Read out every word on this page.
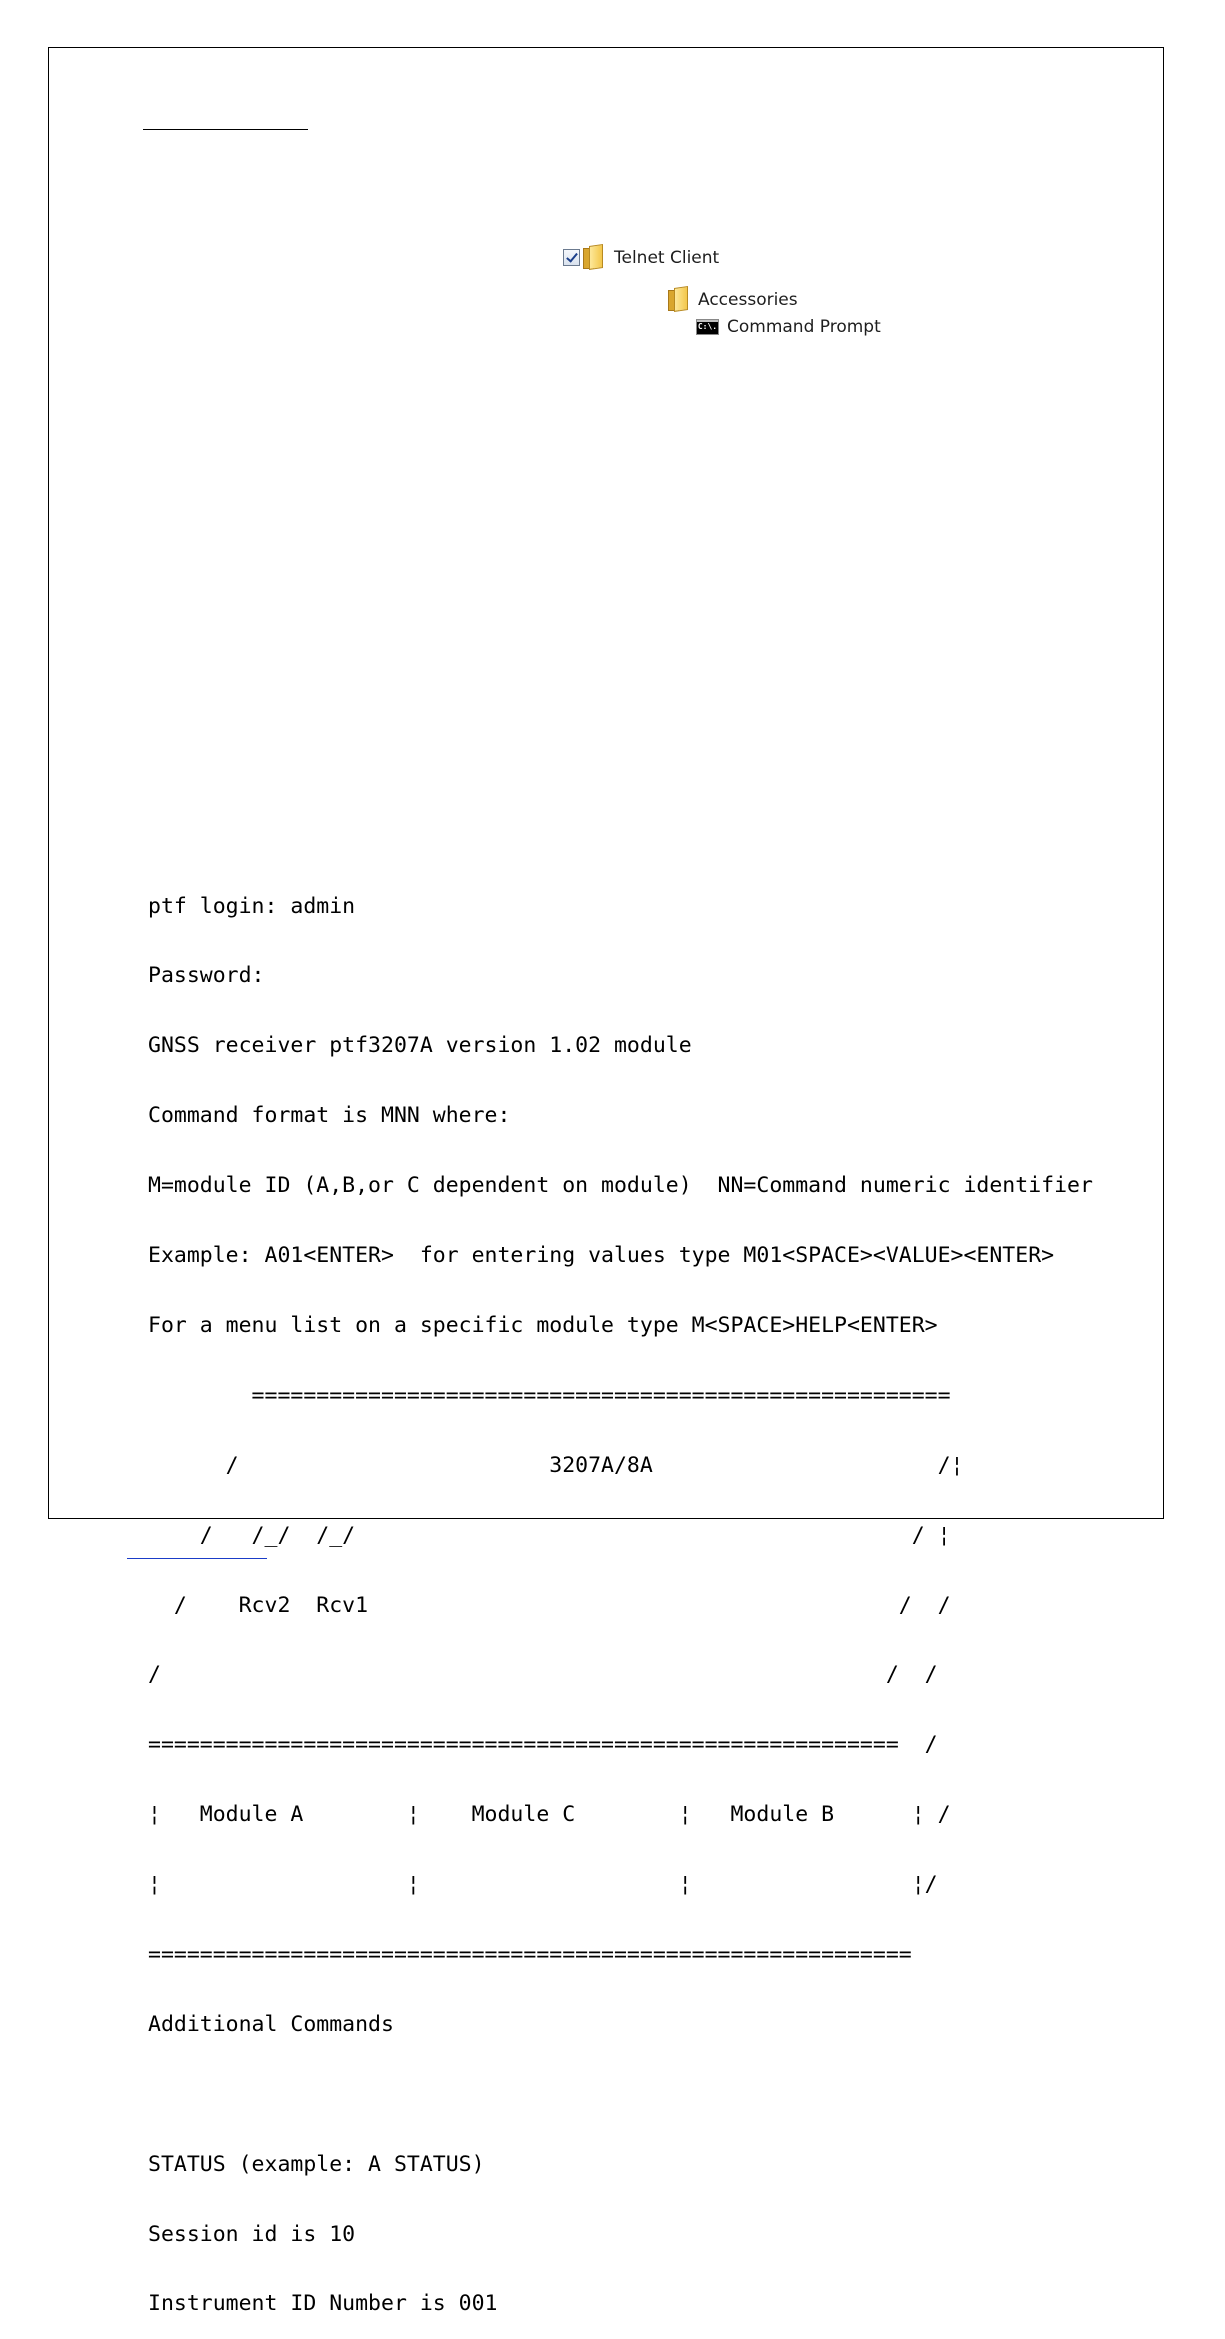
Telnet Client
Accessories
C:\. Command Prompt

ptf login: admin

Password:

GNSS receiver ptf3207A version 1.02 module

Command format is MNN where:

M=module ID (A,B,or C dependent on module)  NN=Command numeric identifier

Example: A01<ENTER>  for entering values type M01<SPACE><VALUE><ENTER>

For a menu list on a specific module type M<SPACE>HELP<ENTER>

======================================================

/                        3207A/8A                      /¦

/   /_/  /_/                                           / ¦

/    Rcv2  Rcv1                                         /  /

/                                                        /  /

==========================================================  /

¦   Module A        ¦    Module C        ¦   Module B      ¦ /

¦                   ¦                    ¦                 ¦/

===========================================================

Additional Commands

STATUS (example: A STATUS)

Session id is 10

Instrument ID Number is 001
